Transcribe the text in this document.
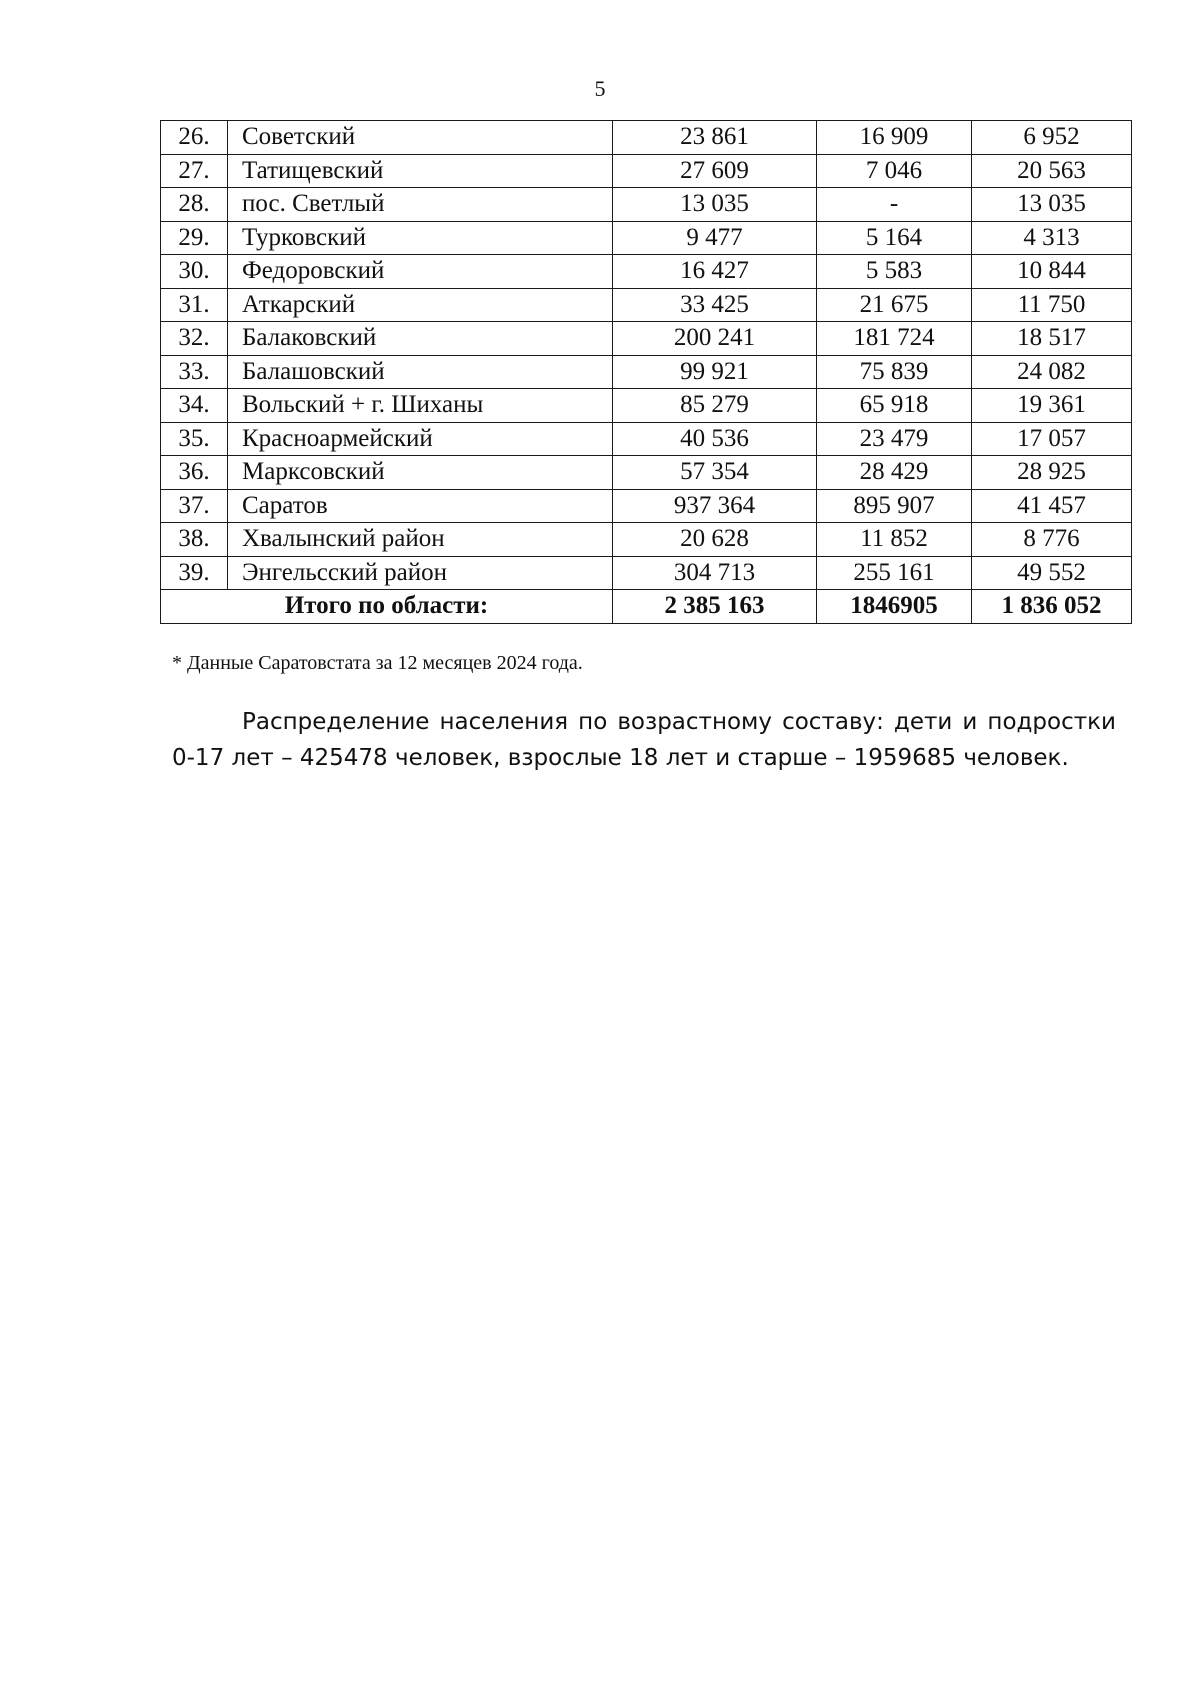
5
26.	Советский	23 861	16 909	6 952
27.	Татищевский	27 609	7 046	20 563
28.	пос. Светлый	13 035	-	13 035
29.	Турковский	9 477	5 164	4 313
30.	Федоровский	16 427	5 583	10 844
31.	Аткарский	33 425	21 675	11 750
32.	Балаковский	200 241	181 724	18 517
33.	Балашовский	99 921	75 839	24 082
34.	Вольский + г. Шиханы	85 279	65 918	19 361
35.	Красноармейский	40 536	23 479	17 057
36.	Марксовский	57 354	28 429	28 925
37.	Саратов	937 364	895 907	41 457
38.	Хвалынский район	20 628	11 852	8 776
39.	Энгельсский район	304 713	255 161	49 552
Итого по области:		2 385 163	1846905	1 836 052
* Данные Саратовстата за 12 месяцев 2024 года.
Распределение населения по возрастному составу: дети и подростки
0-17 лет – 425478 человек, взрослые 18 лет и старше – 1959685 человек.
